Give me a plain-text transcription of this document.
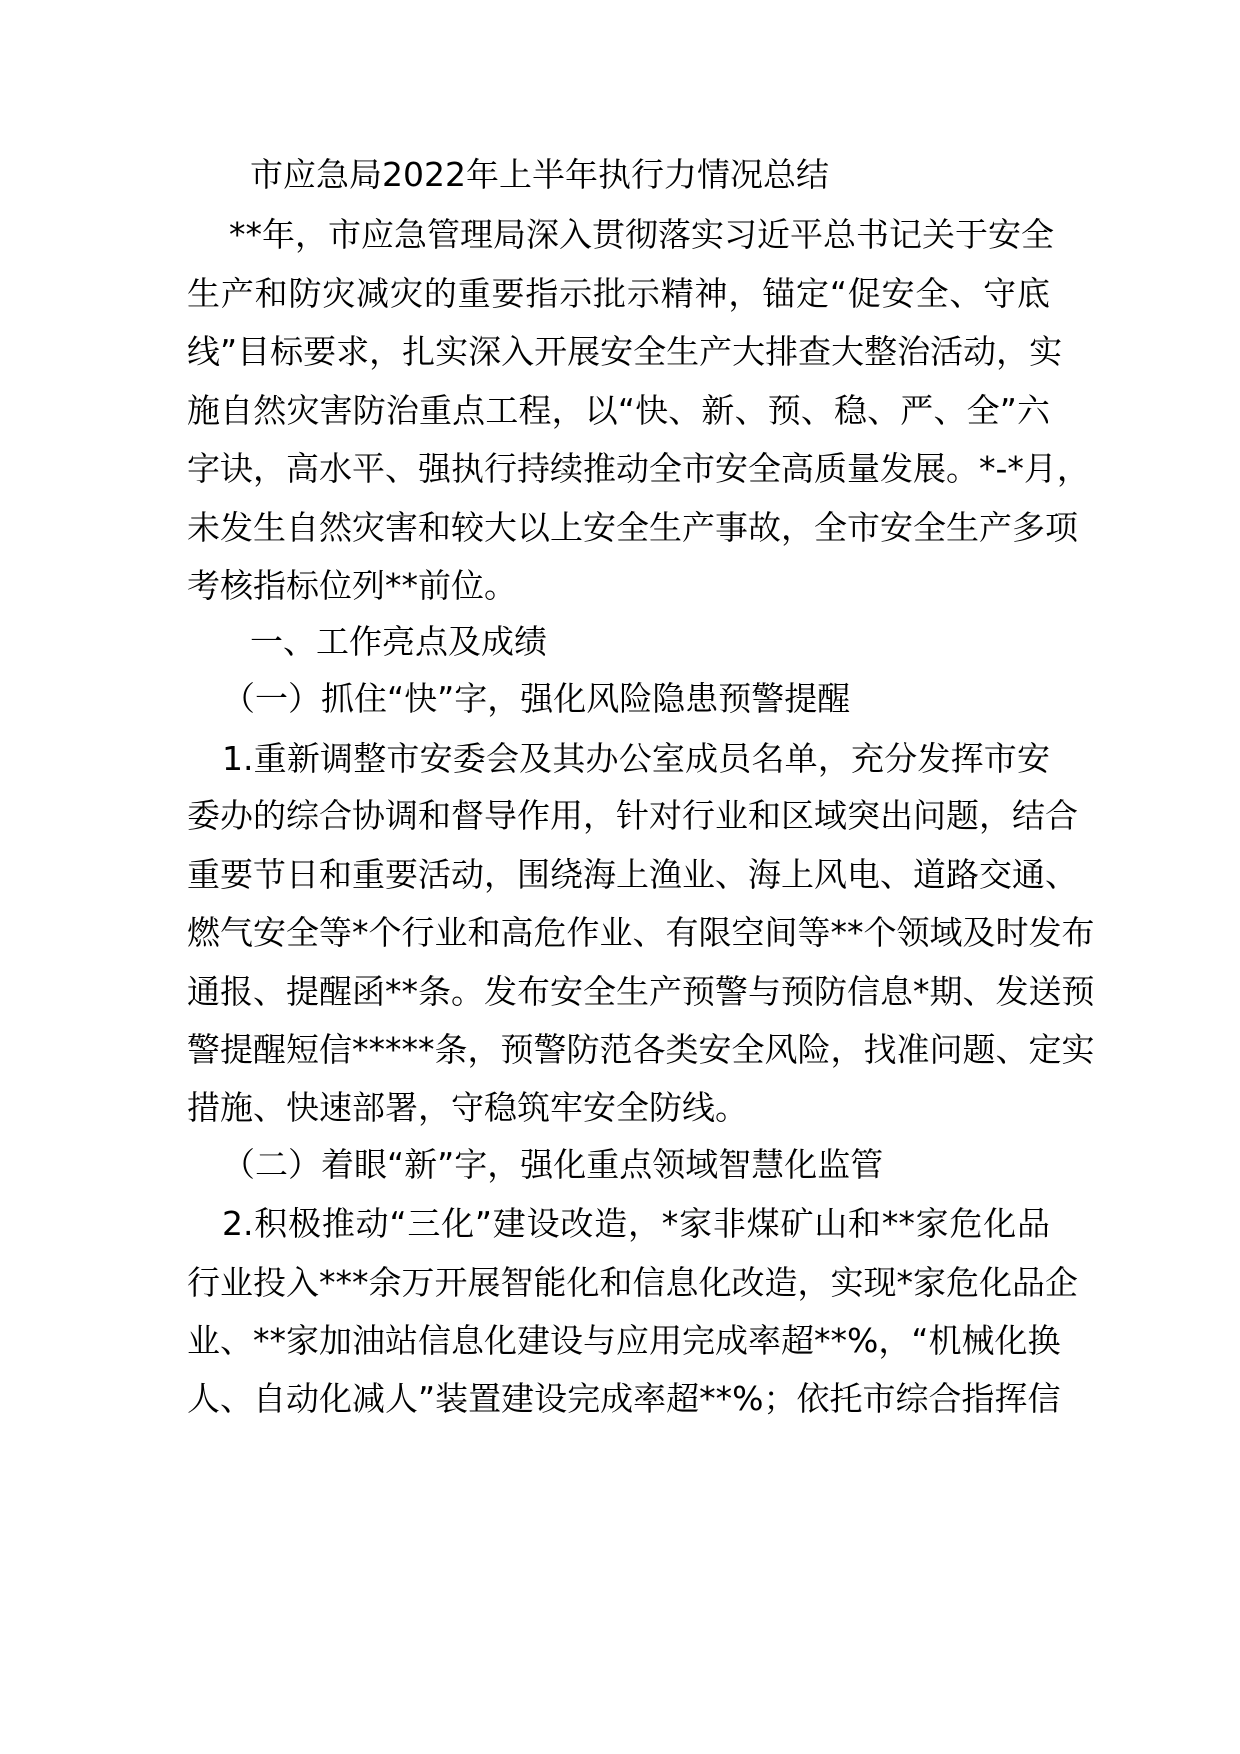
市应急局2022年上半年执行力情况总结
**年，市应急管理局深入贯彻落实习近平总书记关于安全
生产和防灾减灾的重要指示批示精神，锚定“促安全、守底
线”目标要求，扎实深入开展安全生产大排查大整治活动，实
施自然灾害防治重点工程，以“快、新、预、稳、严、全”六
字诀，高水平、强执行持续推动全市安全高质量发展。*-*月，
未发生自然灾害和较大以上安全生产事故，全市安全生产多项
考核指标位列**前位。
一、工作亮点及成绩
（一）抓住“快”字，强化风险隐患预警提醒
1.重新调整市安委会及其办公室成员名单，充分发挥市安
委办的综合协调和督导作用，针对行业和区域突出问题，结合
重要节日和重要活动，围绕海上渔业、海上风电、道路交通、
燃气安全等*个行业和高危作业、有限空间等**个领域及时发布
通报、提醒函**条。发布安全生产预警与预防信息*期、发送预
警提醒短信*****条，预警防范各类安全风险，找准问题、定实
措施、快速部署，守稳筑牢安全防线。
（二）着眼“新”字，强化重点领域智慧化监管
2.积极推动“三化”建设改造，*家非煤矿山和**家危化品
行业投入***余万开展智能化和信息化改造，实现*家危化品企
业、**家加油站信息化建设与应用完成率超**%，“机械化换
人、自动化减人”装置建设完成率超**%；依托市综合指挥信
